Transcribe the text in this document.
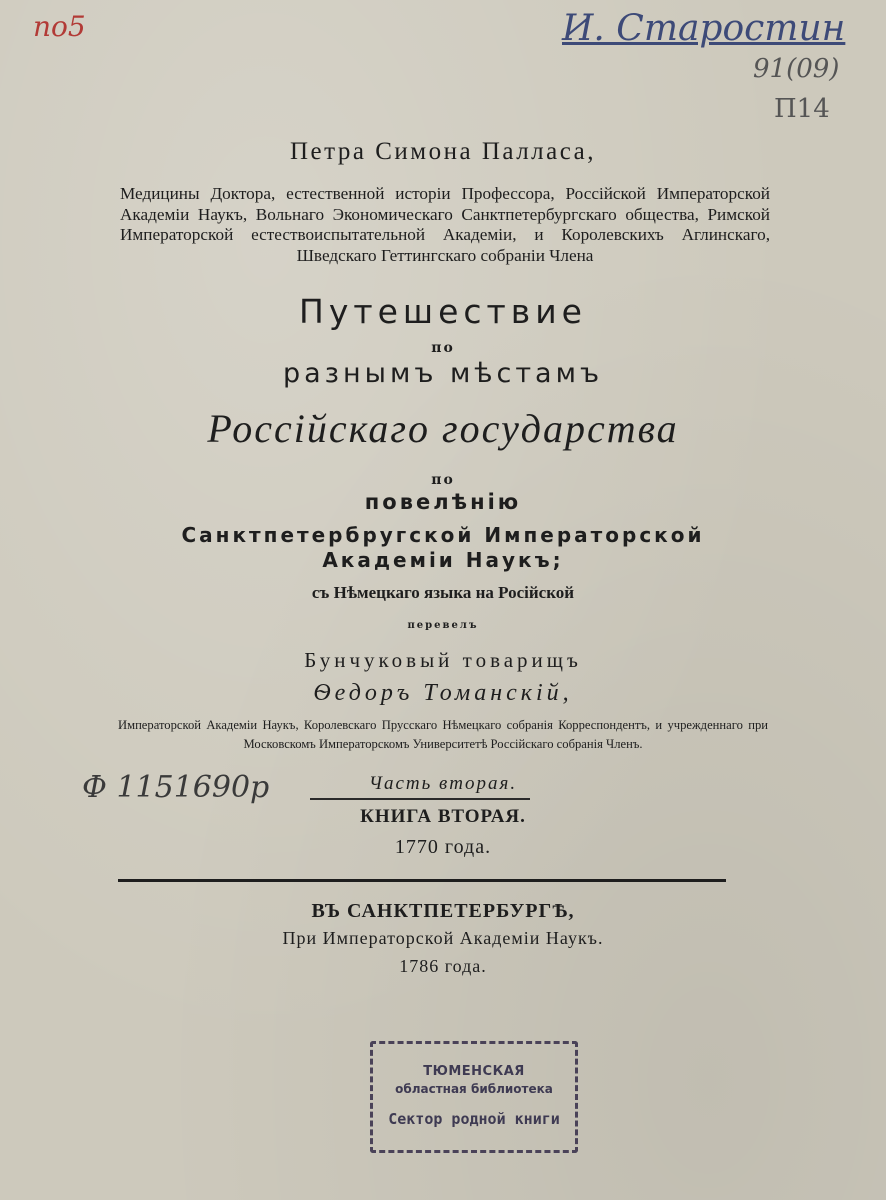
no5	И. Старостин
91(09)
П14
Ф 1151690р
Петра Симона Палласа,

Медицины Доктора, естественной исторіи Профессора, Россійской Императорской Академіи Наукъ, Вольнаго Экономическаго Санктпетербургскаго общества, Римской Императорской естествоиспытательной Академіи, и Королевскихъ Аглинскаго, Шведскаго Геттингскаго собраніи Члена

Путешествие
по
разнымъ мѣстамъ
Россійскаго государства
по
повелѣнію
Санктпетербругской Императорской
Академіи Наукъ;
съ Нѣмецкаго языка на Російской
перевелъ
Бунчуковый товарищъ
Ѳедоръ Томанскій,

Императорской Академіи Наукъ, Королевскаго Прусскаго Нѣмецкаго собранія Корреспондентъ, и учрежденнаго при Московскомъ Императорскомъ Университетѣ Россійскаго собранія Членъ.

Часть вторая.
КНИГА ВТОРАЯ.
1770 года.
ВЪ САНКТПЕТЕРБУРГѢ,
При Императорской Академіи Наукъ.
1786 года.
ТЮМЕНСКАЯ
областная библиотека
Сектор родной книги
